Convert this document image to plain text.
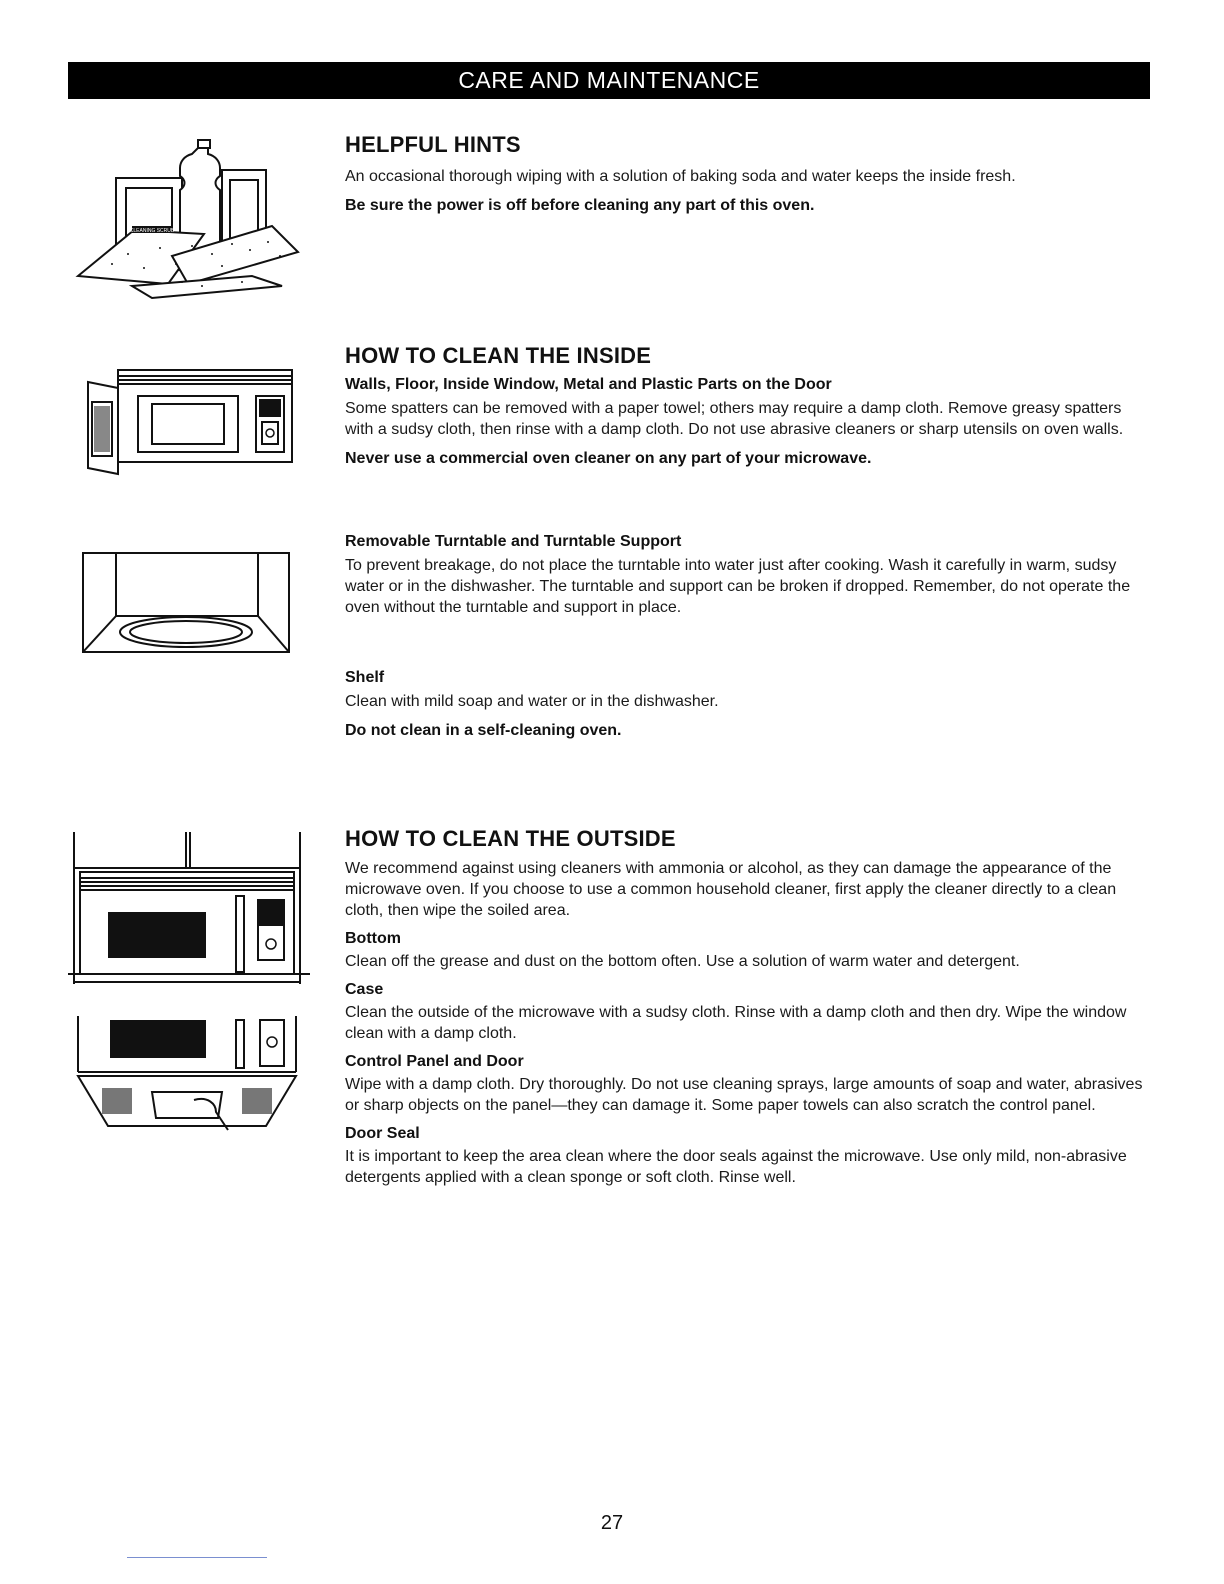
CARE AND MAINTENANCE
CLEANING SCRUB
HELPFUL HINTS

An occasional thorough wiping with a solution of baking soda and water keeps the inside fresh.

Be sure the power is off before cleaning any part of this oven.

HOW TO CLEAN THE INSIDE

Walls, Floor, Inside Window, Metal and Plastic Parts on the Door

Some spatters can be removed with a paper towel; others may require a damp cloth. Remove greasy spatters with a sudsy cloth, then rinse with a damp cloth. Do not use abrasive cleaners or sharp utensils on oven walls.

Never use a commercial oven cleaner on any part of your microwave.

Removable Turntable and Turntable Support

To prevent breakage, do not place the turntable into water just after cooking. Wash it carefully in warm, sudsy water or in the dishwasher. The turntable and support can be broken if dropped. Remember, do not operate the oven without the turntable and support in place.

Shelf

Clean with mild soap and water or in the dishwasher.

Do not clean in a self-cleaning oven.

HOW TO CLEAN THE OUTSIDE

We recommend against using cleaners with ammonia or alcohol, as they can damage the appearance of the microwave oven. If you choose to use a common household cleaner, first apply the cleaner directly to a clean cloth, then wipe the soiled area.

Bottom

Clean off the grease and dust on the bottom often. Use a solution of warm water and detergent.

Case

Clean the outside of the microwave with a sudsy cloth. Rinse with a damp cloth and then dry. Wipe the window clean with a damp cloth.

Control Panel and Door

Wipe with a damp cloth. Dry thoroughly. Do not use cleaning sprays, large amounts of soap and water, abrasives or sharp objects on the panel—they can damage it. Some paper towels can also scratch the control panel.

Door Seal

It is important to keep the area clean where the door seals against the microwave. Use only mild, non-abrasive detergents applied with a clean sponge or soft cloth. Rinse well.

27
